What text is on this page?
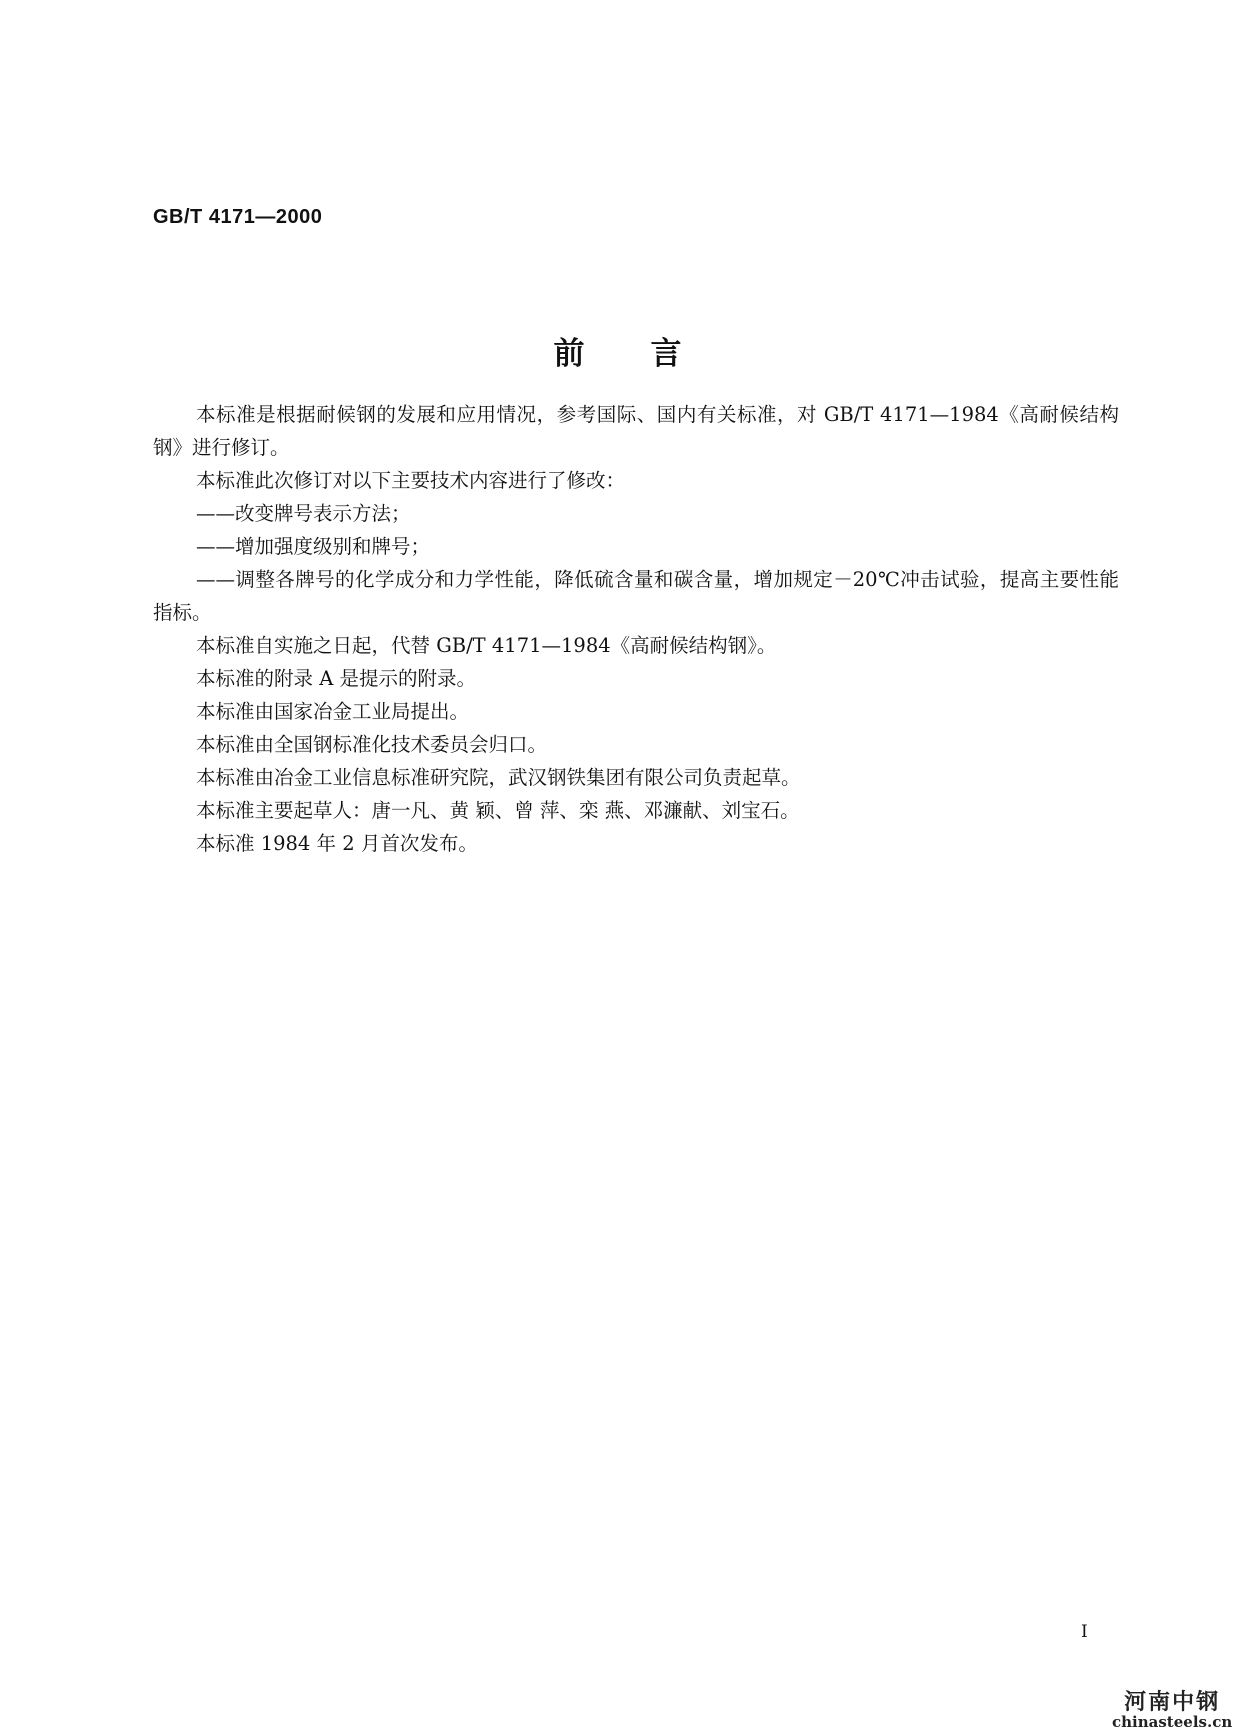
GB/T 4171—2000
前言

本标准是根据耐候钢的发展和应用情况，参考国际、国内有关标准，对 GB/T 4171—1984《高耐候结构钢》进行修订。

本标准此次修订对以下主要技术内容进行了修改：

——改变牌号表示方法；

——增加强度级别和牌号；

——调整各牌号的化学成分和力学性能，降低硫含量和碳含量，增加规定－20℃冲击试验，提高主要性能指标。

本标准自实施之日起，代替 GB/T 4171—1984《高耐候结构钢》。

本标准的附录 A 是提示的附录。

本标准由国家冶金工业局提出。

本标准由全国钢标准化技术委员会归口。

本标准由冶金工业信息标准研究院，武汉钢铁集团有限公司负责起草。

本标准主要起草人：唐一凡、黄 颖、曾 萍、栾 燕、邓濂献、刘宝石。

本标准 1984 年 2 月首次发布。

I
河南中钢
chinasteels.cn
